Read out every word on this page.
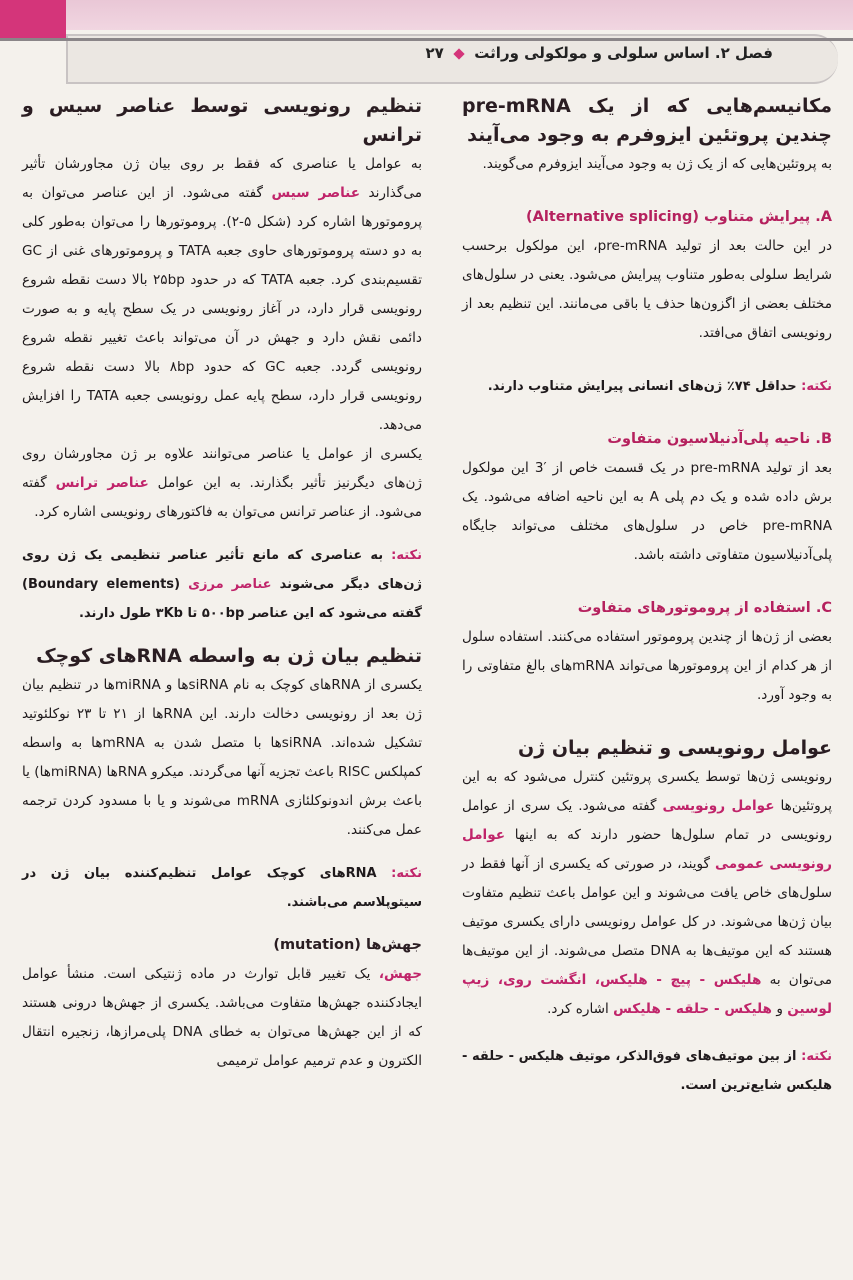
فصل ۲. اساس سلولی و مولکولی وراثت  ۲۷
مکانیسم‌هایی که از یک pre-mRNA چندین پروتئین ایزوفرم به وجود می‌آیند

به پروتئین‌هایی که از یک ژن به وجود می‌آیند ایزوفرم می‌گویند.

A. پیرایش متناوب (Alternative splicing)

در این حالت بعد از تولید pre-mRNA، این مولکول برحسب شرایط سلولی به‌طور متناوب پیرایش می‌شود. یعنی در سلول‌های مختلف بعضی از اگزون‌ها حذف یا باقی می‌مانند. این تنظیم بعد از رونویسی اتفاق می‌افتد.

نکته: حداقل ۷۴٪ ژن‌های انسانی پیرایش متناوب دارند.

B. ناحیه پلی‌آدنیلاسیون متفاوت

بعد از تولید pre-mRNA در یک قسمت خاص از ′3 این مولکول برش داده شده و یک دم پلی A به این ناحیه اضافه می‌شود. یک pre-mRNA خاص در سلول‌های مختلف می‌تواند جایگاه پلی‌آدنیلاسیون متفاوتی داشته باشد.

C. استفاده از پروموتورهای متفاوت

بعضی از ژن‌ها از چندین پروموتور استفاده می‌کنند. استفاده سلول از هر کدام از این پروموتورها می‌تواند mRNAهای بالغ متفاوتی را به وجود آورد.

عوامل رونویسی و تنظیم بیان ژن

رونویسی ژن‌ها توسط یکسری پروتئین کنترل می‌شود که به این پروتئین‌ها عوامل رونویسی گفته می‌شود. یک سری از عوامل رونویسی در تمام سلول‌ها حضور دارند که به اینها عوامل رونویسی عمومی گویند، در صورتی که یکسری از آنها فقط در سلول‌های خاص یافت می‌شوند و این عوامل باعث تنظیم متفاوت بیان ژن‌ها می‌شوند. در کل عوامل رونویسی دارای یکسری موتیف هستند که این موتیف‌ها به DNA متصل می‌شوند. از این موتیف‌ها می‌توان به هلیکس - پیچ - هلیکس، انگشت روی، زیپ لوسین و هلیکس - حلقه - هلیکس اشاره کرد.

نکته: از بین موتیف‌های فوق‌الذکر، موتیف هلیکس - حلقه - هلیکس شایع‌ترین است.

تنظیم رونویسی توسط عناصر سیس و ترانس

به عوامل یا عناصری که فقط بر روی بیان ژن مجاورشان تأثیر می‌گذارند عناصر سیس گفته می‌شود. از این عناصر می‌توان به پروموتورها اشاره کرد (شکل ۵-۲). پروموتورها را می‌توان به‌طور کلی به دو دسته پروموتورهای حاوی جعبه TATA و پروموتورهای غنی از GC تقسیم‌بندی کرد. جعبه TATA که در حدود ۲۵bp بالا دست نقطه شروع رونویسی قرار دارد، در آغاز رونویسی در یک سطح پایه و به صورت دائمی نقش دارد و جهش در آن می‌تواند باعث تغییر نقطه شروع رونویسی گردد. جعبه GC که حدود ۸bp بالا دست نقطه شروع رونویسی قرار دارد، سطح پایه عمل رونویسی جعبه TATA را افزایش می‌دهد.

یکسری از عوامل یا عناصر می‌توانند علاوه بر ژن مجاورشان روی ژن‌های دیگرنیز تأثیر بگذارند. به این عوامل عناصر ترانس گفته می‌شود. از عناصر ترانس می‌توان به فاکتورهای رونویسی اشاره کرد.

نکته: به عناصری که مانع تأثیر عناصر تنظیمی یک ژن روی ژن‌های دیگر می‌شوند عناصر مرزی (Boundary elements) گفته می‌شود که این عناصر ۵۰۰bp تا ۳Kb طول دارند.

تنظیم بیان ژن به واسطه RNAهای کوچک

یکسری از RNAهای کوچک به نام siRNAها و miRNAها در تنظیم بیان ژن بعد از رونویسی دخالت دارند. این RNAها از ۲۱ تا ۲۳ نوکلئوتید تشکیل شده‌اند. siRNAها با متصل شدن به mRNAها به واسطه کمپلکس RISC باعث تجزیه آنها می‌گردند. میکرو RNAها (miRNAها) یا باعث برش اندونوکلئازی mRNA می‌شوند و یا با مسدود کردن ترجمه عمل می‌کنند.

نکته: RNAهای کوچک عوامل تنظیم‌کننده بیان ژن در سیتوپلاسم می‌باشند.

جهش‌ها (mutation)

جهش، یک تغییر قابل توارث در ماده ژنتیکی است. منشأ عوامل ایجادکننده جهش‌ها متفاوت می‌باشد. یکسری از جهش‌ها درونی هستند که از این جهش‌ها می‌توان به خطای DNA پلی‌مرازها، زنجیره انتقال الکترون و عدم ترمیم عوامل ترمیمی
